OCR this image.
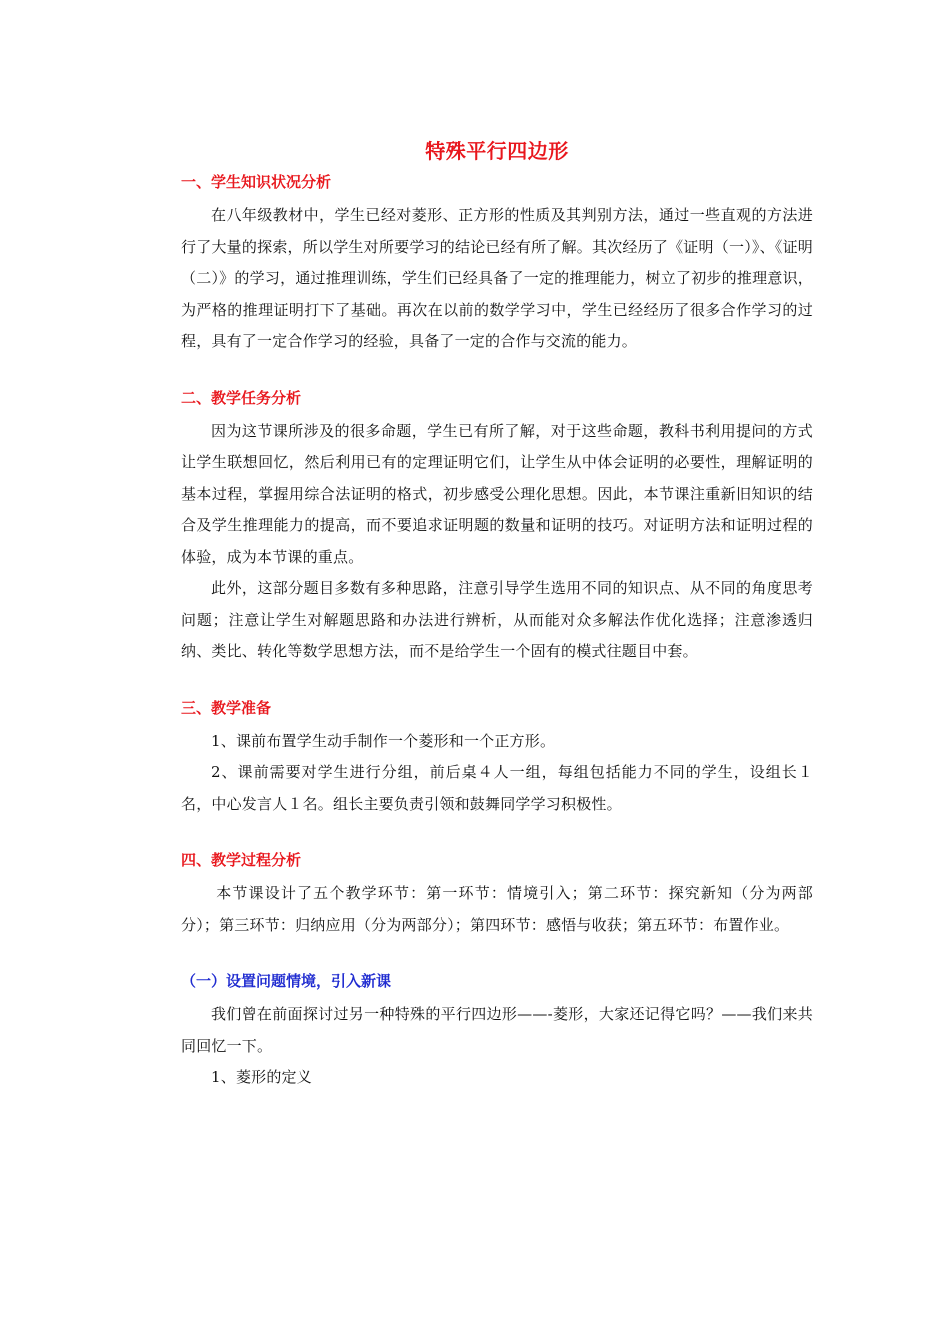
特殊平行四边形
一、学生知识状况分析

在八年级教材中，学生已经对菱形、正方形的性质及其判别方法，通过一些直观的方法进行了大量的探索，所以学生对所要学习的结论已经有所了解。其次经历了《证明（一）》、《证明（二）》的学习，通过推理训练，学生们已经具备了一定的推理能力，树立了初步的推理意识，为严格的推理证明打下了基础。再次在以前的数学学习中，学生已经经历了很多合作学习的过程，具有了一定合作学习的经验，具备了一定的合作与交流的能力。

二、教学任务分析

因为这节课所涉及的很多命题，学生已有所了解，对于这些命题，教科书利用提问的方式让学生联想回忆，然后利用已有的定理证明它们，让学生从中体会证明的必要性，理解证明的基本过程，掌握用综合法证明的格式，初步感受公理化思想。因此，本节课注重新旧知识的结合及学生推理能力的提高，而不要追求证明题的数量和证明的技巧。对证明方法和证明过程的体验，成为本节课的重点。

此外，这部分题目多数有多种思路，注意引导学生选用不同的知识点、从不同的角度思考问题；注意让学生对解题思路和办法进行辨析，从而能对众多解法作优化选择；注意渗透归纳、类比、转化等数学思想方法，而不是给学生一个固有的模式往题目中套。

三、教学准备

1、课前布置学生动手制作一个菱形和一个正方形。

2、课前需要对学生进行分组，前后桌４人一组，每组包括能力不同的学生，设组长１名，中心发言人１名。组长主要负责引领和鼓舞同学学习积极性。

四、教学过程分析

本节课设计了五个教学环节：第一环节：情境引入；第二环节：探究新知（分为两部分）；第三环节：归纳应用（分为两部分）；第四环节：感悟与收获；第五环节：布置作业。

（一）设置问题情境，引入新课

我们曾在前面探讨过另一种特殊的平行四边形——-菱形，大家还记得它吗？——我们来共同回忆一下。

1、菱形的定义
